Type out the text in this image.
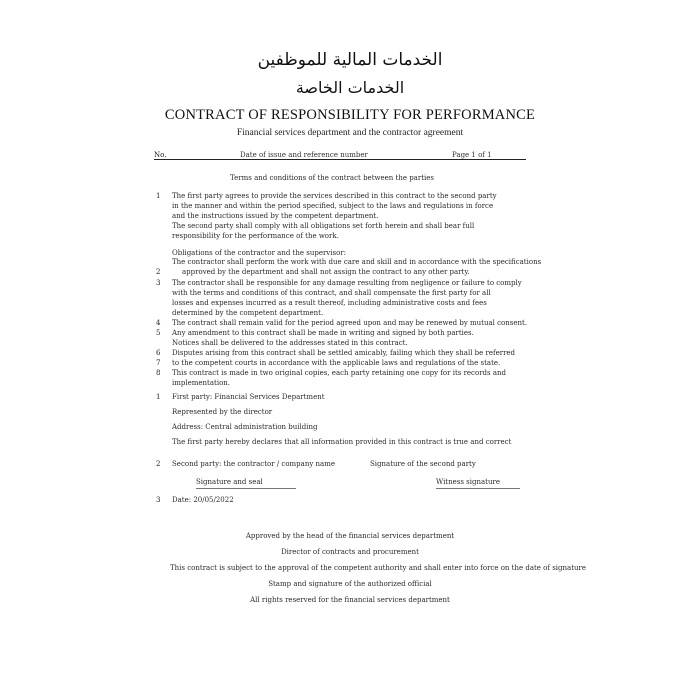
الخدمات المالية للموظفين
الخدمات الخاصة
CONTRACT OF RESPONSIBILITY FOR PERFORMANCE
Financial services department and the contractor agreement
No.	Date of issue and reference number	Page 1 of 1
Terms and conditions of the contract between the parties
1 The first party agrees to provide the services described in this contract to the second party
in the manner and within the period specified, subject to the laws and regulations in force
and the instructions issued by the competent department.
The second party shall comply with all obligations set forth herein and shall bear full
responsibility for the performance of the work.
Obligations of the contractor and the supervisor:
The contractor shall perform the work with due care and skill and in accordance with the specifications
2	approved by the department and shall not assign the contract to any other party.
3 The contractor shall be responsible for any damage resulting from negligence or failure to comply
with the terms and conditions of this contract, and shall compensate the first party for all
losses and expenses incurred as a result thereof, including administrative costs and fees
determined by the competent department.
4 The contract shall remain valid for the period agreed upon and may be renewed by mutual consent.
5 Any amendment to this contract shall be made in writing and signed by both parties.
Notices shall be delivered to the addresses stated in this contract.
6 Disputes arising from this contract shall be settled amicably, failing which they shall be referred
7 to the competent courts in accordance with the applicable laws and regulations of the state.
8 This contract is made in two original copies, each party retaining one copy for its records and
implementation.
1 First party: Financial Services Department
Represented by the director
Address: Central administration building
The first party hereby declares that all information provided in this contract is true and correct
2 Second party: the contractor / company name	Signature of the second party
Signature and seal	Witness signature
3 Date: 20/05/2022
Approved by the head of the financial services department
Director of contracts and procurement
This contract is subject to the approval of the competent authority and shall enter into force on the date of signature
Stamp and signature of the authorized official
All rights reserved for the financial services department
